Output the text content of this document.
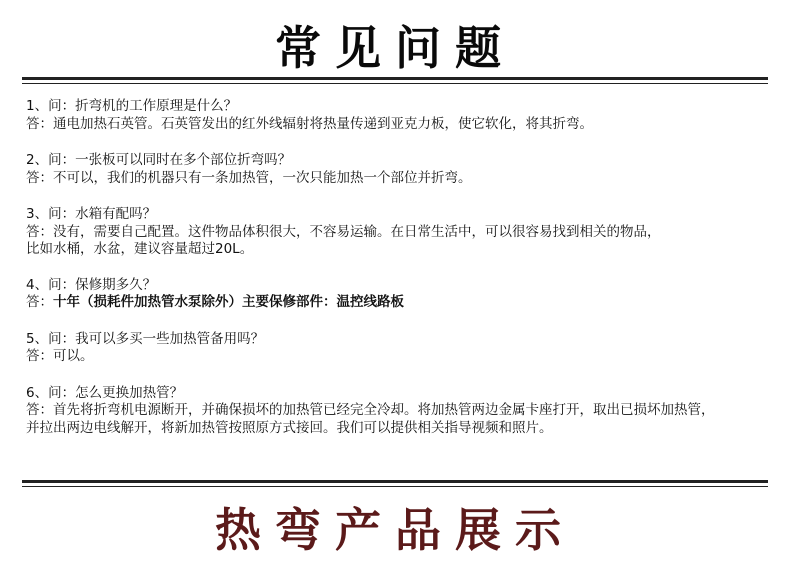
常见问题

1、问：折弯机的工作原理是什么？

答：通电加热石英管。石英管发出的红外线辐射将热量传递到亚克力板，使它软化，将其折弯。

2、问：一张板可以同时在多个部位折弯吗？

答：不可以，我们的机器只有一条加热管，一次只能加热一个部位并折弯。

3、问：水箱有配吗？

答：没有，需要自己配置。这件物品体积很大，不容易运输。在日常生活中，可以很容易找到相关的物品，

比如水桶，水盆，建议容量超过20L。

4、问：保修期多久？

答：十年（损耗件加热管水泵除外）主要保修部件：温控线路板

5、问：我可以多买一些加热管备用吗？

答：可以。

6、问：怎么更换加热管？

答：首先将折弯机电源断开，并确保损坏的加热管已经完全冷却。将加热管两边金属卡座打开，取出已损坏加热管，

并拉出两边电线解开，将新加热管按照原方式接回。我们可以提供相关指导视频和照片。

热弯产品展示
